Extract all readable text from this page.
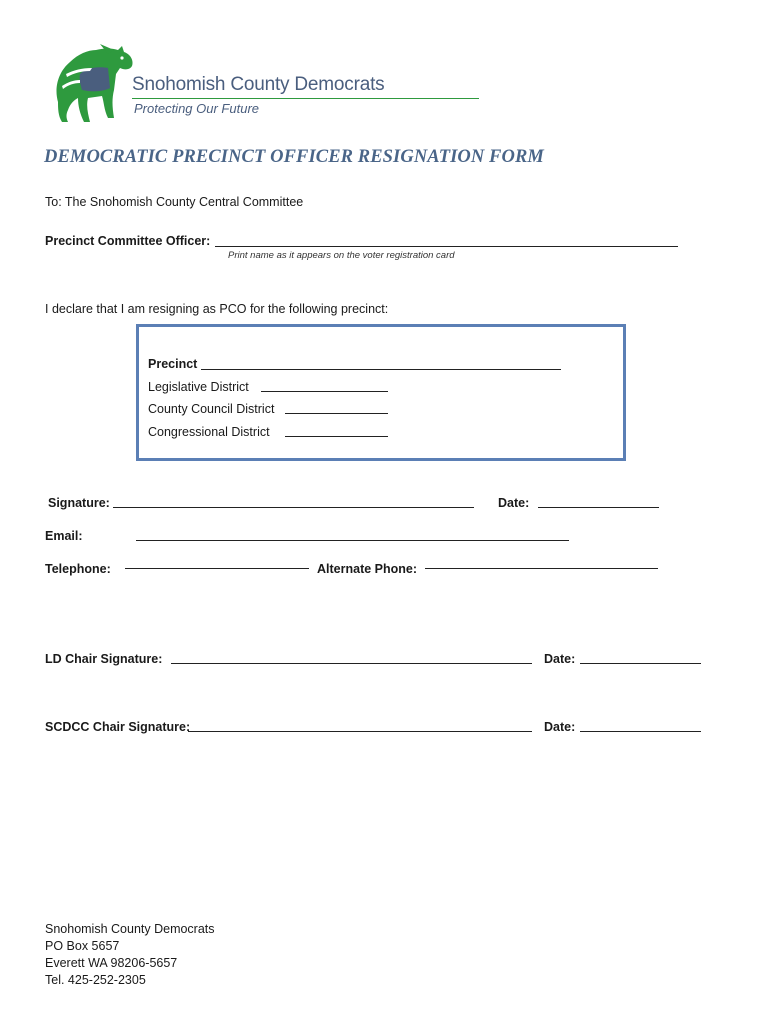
Snohomish County Democrats
Protecting Our Future
DEMOCRATIC PRECINCT OFFICER RESIGNATION FORM
To: The Snohomish County Central Committee
Precinct Committee Officer:
Print name as it appears on the voter registration card
I declare that I am resigning as PCO for the following precinct:
Precinct
Legislative District
County Council District
Congressional District
Signature:	Date:
Email:
Telephone:	Alternate Phone:
LD Chair Signature:	Date:
SCDCC Chair Signature:	Date:
Snohomish County Democrats
PO Box 5657
Everett WA 98206-5657
Tel. 425-252-2305
